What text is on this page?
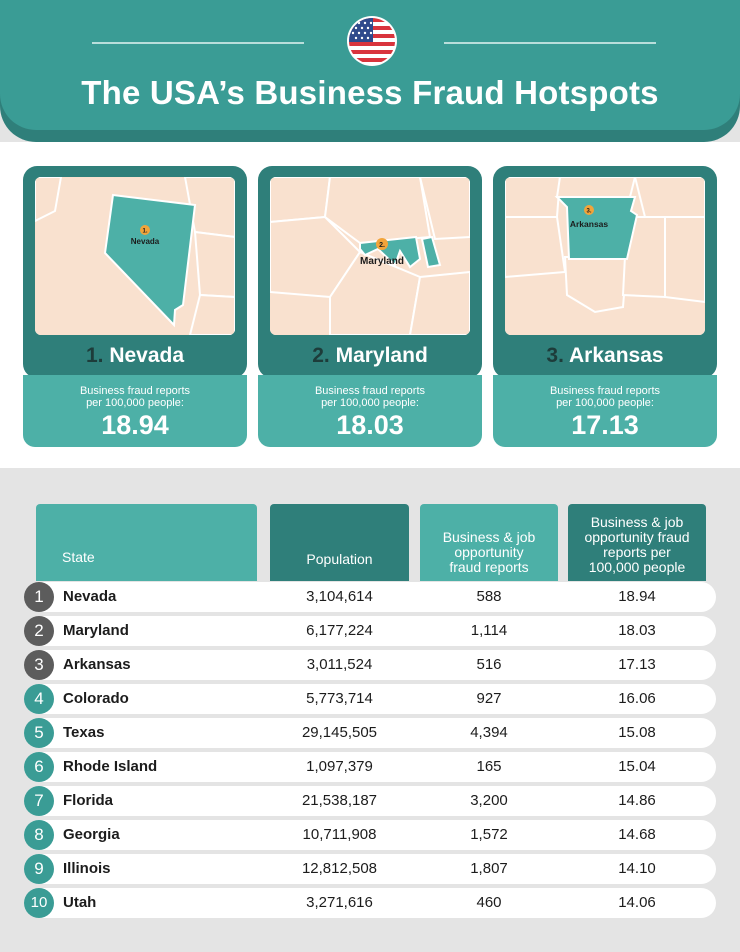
The USA’s Business Fraud Hotspots
1.
Nevada
1. Nevada
Business fraud reports
per 100,000 people:
18.94
2.
Maryland
2. Maryland
Business fraud reports
per 100,000 people:
18.03
3.
Arkansas
3. Arkansas
Business fraud reports
per 100,000 people:
17.13
State	Population
Business & job
opportunity
fraud reports
Business & job
opportunity fraud
reports per
100,000 people
1	Nevada	3,104,614	588	18.94
2	Maryland	6,177,224	1,114	18.03
3	Arkansas	3,011,524	516	17.13
4	Colorado	5,773,714	927	16.06
5	Texas	29,145,505	4,394	15.08
6	Rhode Island	1,097,379	165	15.04
7	Florida	21,538,187	3,200	14.86
8	Georgia	10,711,908	1,572	14.68
9	Illinois	12,812,508	1,807	14.10
10	Utah	3,271,616	460	14.06
